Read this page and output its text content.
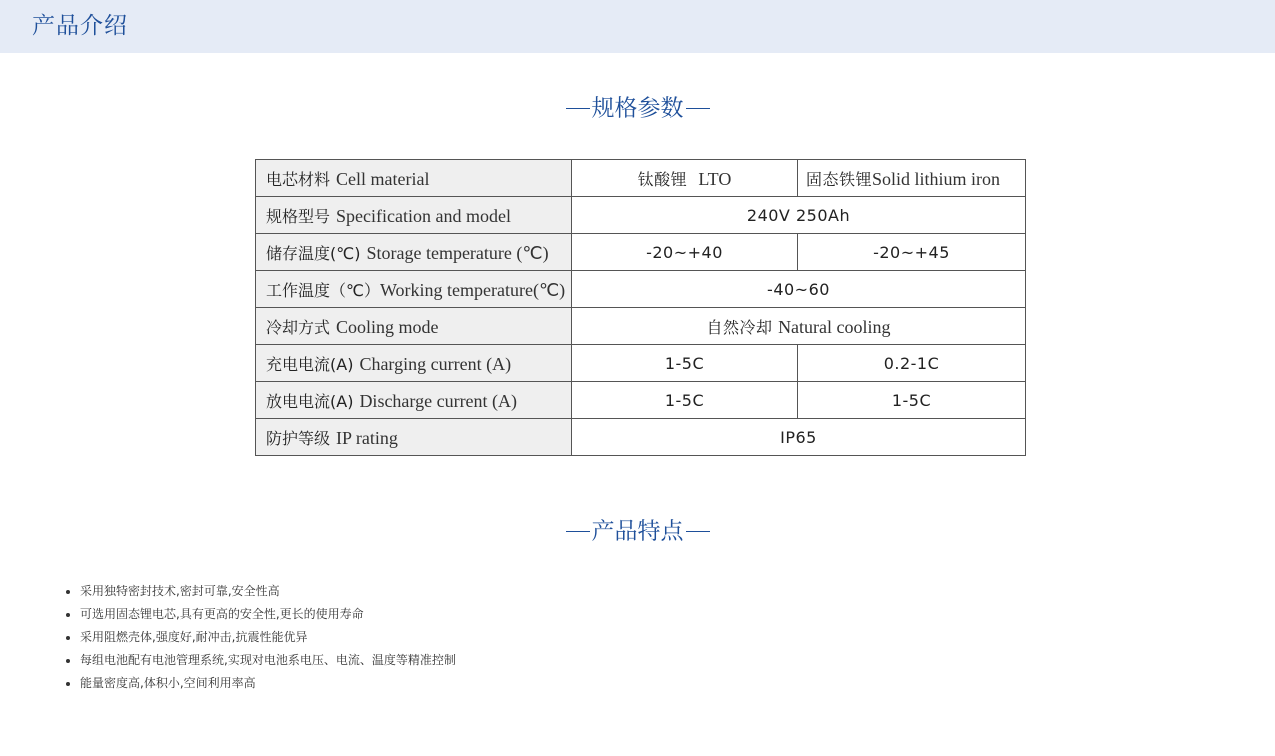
产品介绍
规格参数
电芯材料 Cell material	钛酸锂 LTO	固态铁锂Solid lithium iron
规格型号 Specification and model	240V 250Ah	
储存温度(℃) Storage temperature (℃)	-20~+40	-20~+45
工作温度（℃）Working temperature(℃)	-40~60	
冷却方式 Cooling mode	自然冷却 Natural cooling	
充电电流(A) Charging current (A)	1-5C	0.2-1C
放电电流(A) Discharge current (A)	1-5C	1-5C
防护等级 IP rating	IP65	
产品特点
• 采用独特密封技术,密封可靠,安全性高
• 可选用固态锂电芯,具有更高的安全性,更长的使用寿命
• 采用阻燃壳体,强度好,耐冲击,抗震性能优异
• 每组电池配有电池管理系统,实现对电池系电压、电流、温度等精准控制
• 能量密度高,体积小,空间利用率高
